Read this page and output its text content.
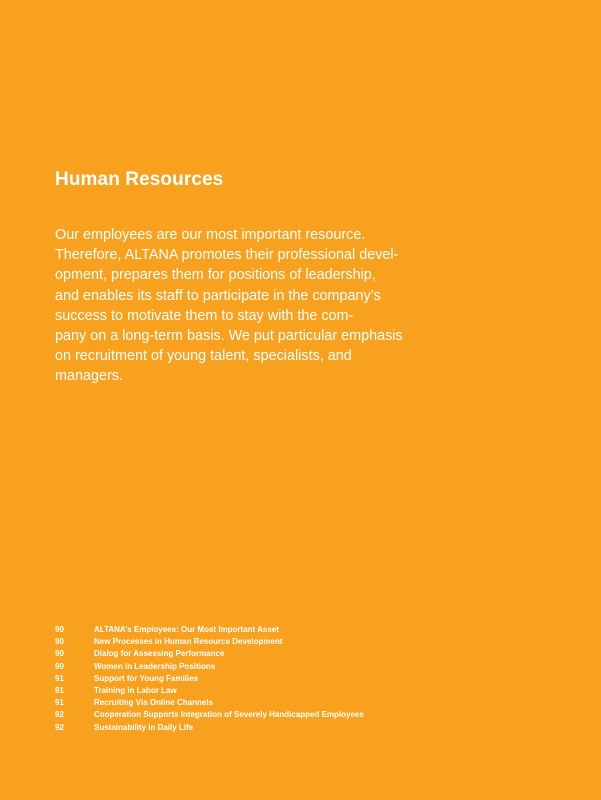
Human Resources

Our employees are our most important resource.
Therefore, ALTANA promotes their professional devel-
opment, prepares them for positions of leadership,
and enables its staff to participate in the company’s
success to motivate them to stay with the com-
pany on a long-term basis. We put particular emphasis
on recruitment of young talent, specialists, and
managers.

90	ALTANA’s Employees: Our Most Important Asset
90	New Processes in Human Resource Development
90	Dialog for Assessing Performance
90	Women in Leadership Positions
91	Support for Young Families
91	Training in Labor Law
91	Recruiting Via Online Channels
92	Cooperation Supports Integration of Severely Handicapped Employees
92	Sustainability in Daily Life
